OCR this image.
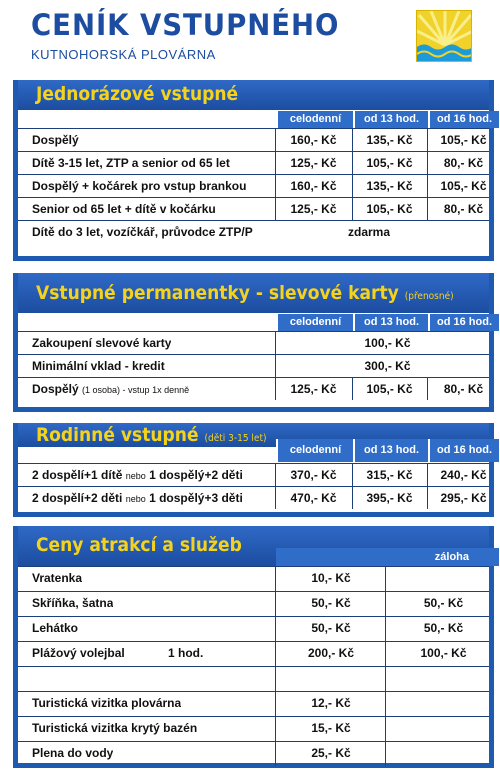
CENÍK VSTUPNÉHO
KUTNOHORSKÁ PLOVÁRNA
Jednorázové vstupné
celodenní	od 13 hod.	od 16 hod.
Dospělý	160,- Kč	135,- Kč	105,- Kč
Dítě 3-15 let, ZTP a senior od 65 let	125,- Kč	105,- Kč	80,- Kč
Dospělý + kočárek pro vstup brankou	160,- Kč	135,- Kč	105,- Kč
Senior od 65 let + dítě v kočárku	125,- Kč	105,- Kč	80,- Kč
Dítě do 3 let, vozíčkář, průvodce ZTP/P	zdarma
Vstupné permanentky - slevové karty (přenosné)
celodenní	od 13 hod.	od 16 hod.
Zakoupení slevové karty	100,- Kč
Minimální vklad - kredit	300,- Kč
Dospělý (1 osoba) - vstup 1x denně	125,- Kč	105,- Kč	80,- Kč
Rodinné vstupné (děti 3-15 let)
celodenní	od 13 hod.	od 16 hod.
2 dospělí+1 dítě nebo 1 dospělý+2 děti	370,- Kč	315,- Kč	240,- Kč
2 dospělí+2 děti nebo 1 dospělý+3 děti	470,- Kč	395,- Kč	295,- Kč
Ceny atrakcí a služeb
záloha
Vratenka	10,- Kč
Skříňka, šatna	50,- Kč	50,- Kč
Lehátko	50,- Kč	50,- Kč
Plážový volejbal	1 hod.	200,- Kč	100,- Kč
Turistická vizitka plovárna	12,- Kč
Turistická vizitka krytý bazén	15,- Kč
Plena do vody	25,- Kč
